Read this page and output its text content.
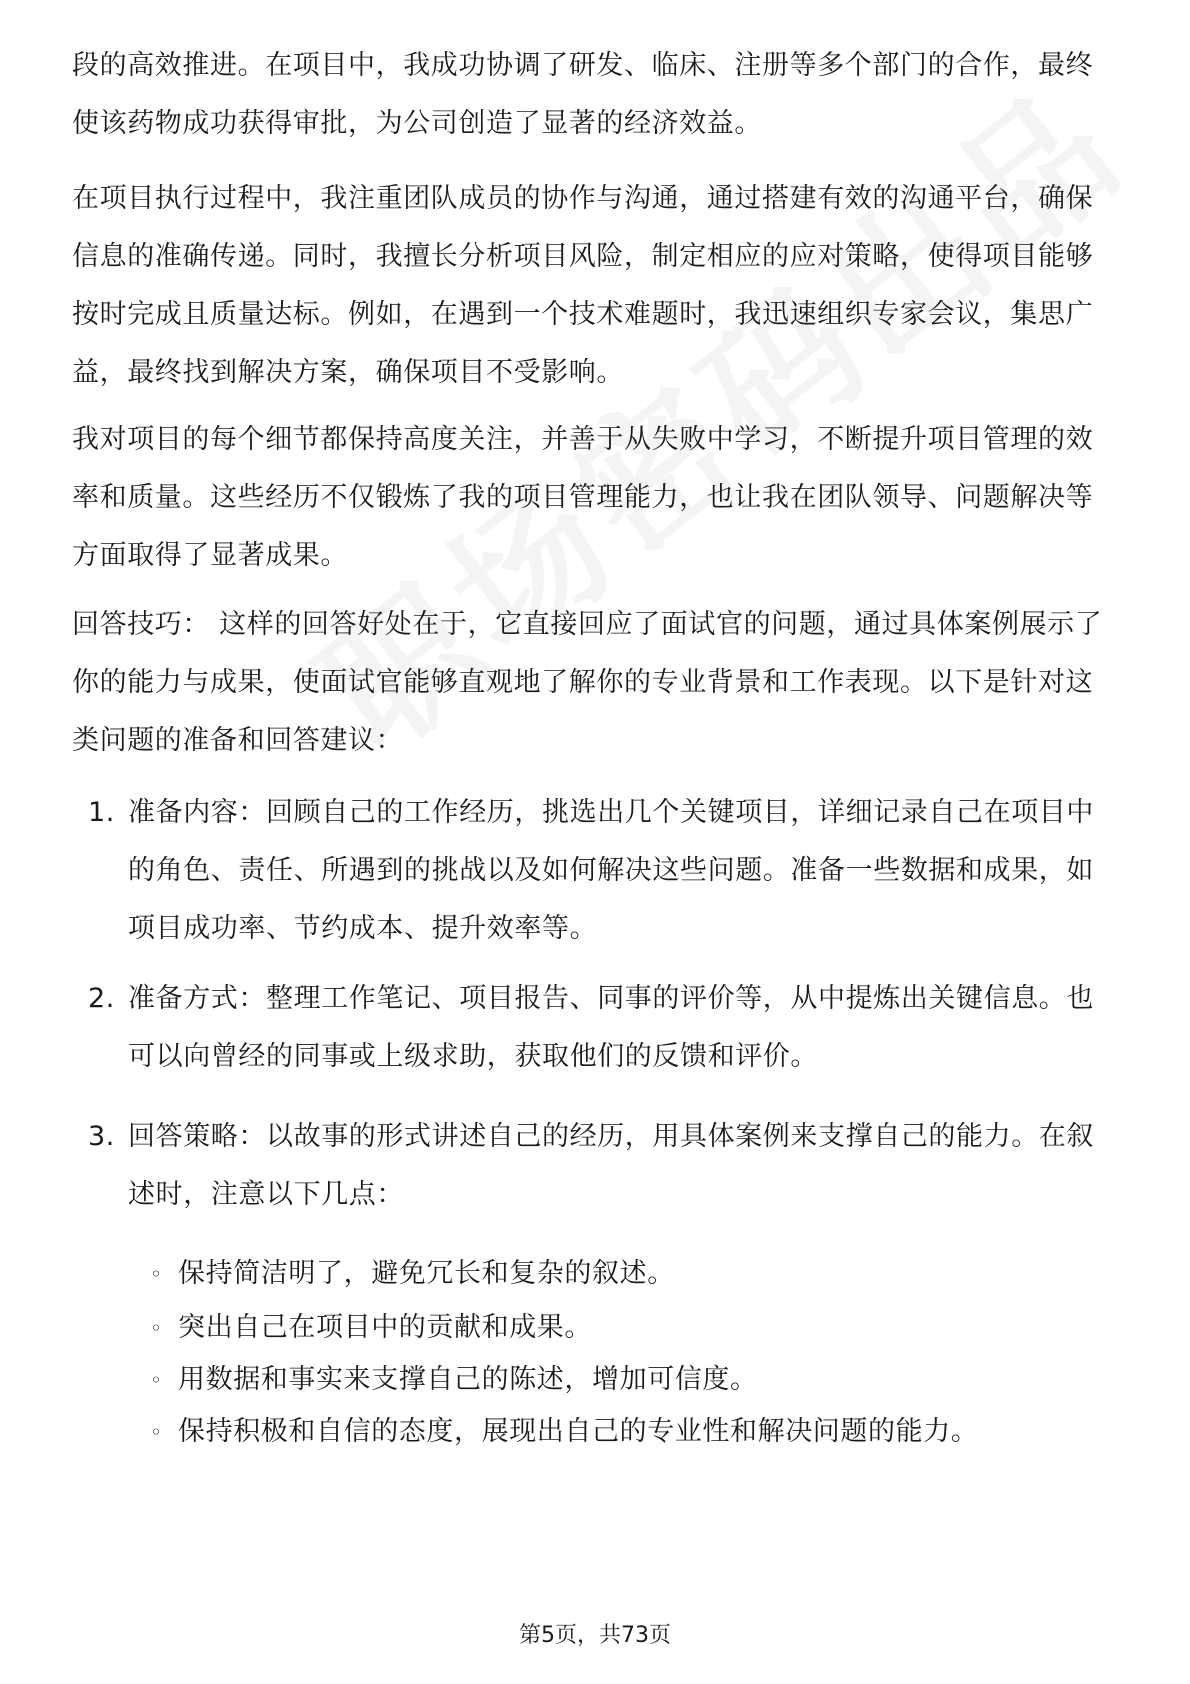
段的高效推进。在项目中，我成功协调了研发、临床、注册等多个部门的合作，最终使该药物成功获得审批，为公司创造了显著的经济效益。

在项目执行过程中，我注重团队成员的协作与沟通，通过搭建有效的沟通平台，确保信息的准确传递。同时，我擅长分析项目风险，制定相应的应对策略，使得项目能够按时完成且质量达标。例如，在遇到一个技术难题时，我迅速组织专家会议，集思广益，最终找到解决方案，确保项目不受影响。

我对项目的每个细节都保持高度关注，并善于从失败中学习，不断提升项目管理的效率和质量。这些经历不仅锻炼了我的项目管理能力，也让我在团队领导、问题解决等方面取得了显著成果。

回答技巧： 这样的回答好处在于，它直接回应了面试官的问题，通过具体案例展示了你的能力与成果，使面试官能够直观地了解你的专业背景和工作表现。以下是针对这类问题的准备和回答建议：

1. 准备内容：回顾自己的工作经历，挑选出几个关键项目，详细记录自己在项目中的角色、责任、所遇到的挑战以及如何解决这些问题。准备一些数据和成果，如项目成功率、节约成本、提升效率等。
2. 准备方式：整理工作笔记、项目报告、同事的评价等，从中提炼出关键信息。也可以向曾经的同事或上级求助，获取他们的反馈和评价。
3. 回答策略：以故事的形式讲述自己的经历，用具体案例来支撑自己的能力。在叙述时，注意以下几点：
◦ 保持简洁明了，避免冗长和复杂的叙述。
◦ 突出自己在项目中的贡献和成果。
◦ 用数据和事实来支撑自己的陈述，增加可信度。
◦ 保持积极和自信的态度，展现出自己的专业性和解决问题的能力。
第5页，共73页
